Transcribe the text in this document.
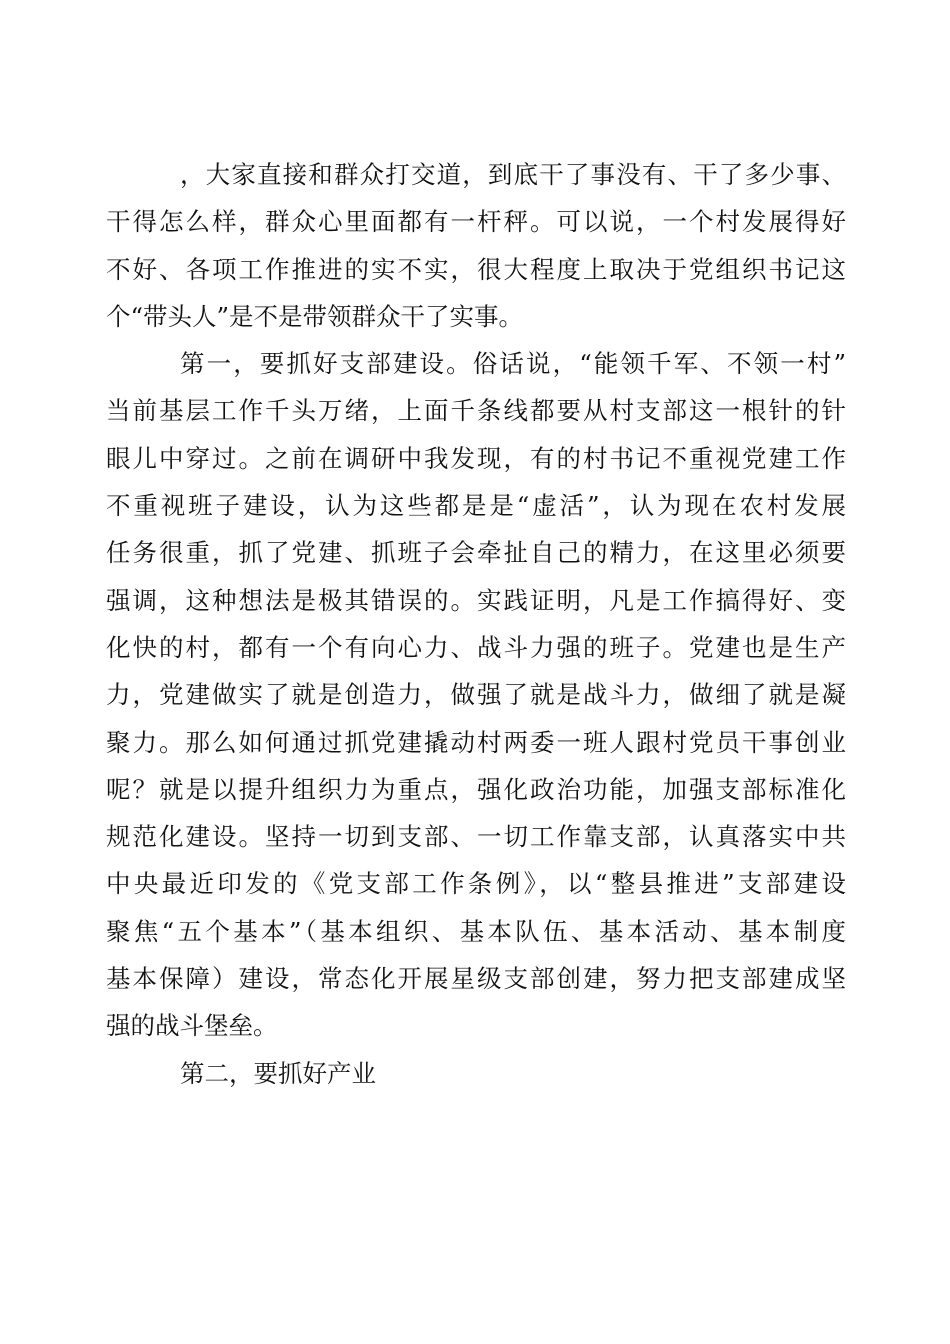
，大家直接和群众打交道，到底干了事没有、干了多少事、
干得怎么样，群众心里面都有一杆秤。可以说，一个村发展得好
不好、各项工作推进的实不实，很大程度上取决于党组织书记这
个“带头人”是不是带领群众干了实事。
第一，要抓好支部建设。俗话说，“能领千军、不领一村”
当前基层工作千头万绪，上面千条线都要从村支部这一根针的针
眼儿中穿过。之前在调研中我发现，有的村书记不重视党建工作
不重视班子建设，认为这些都是是“虚活”，认为现在农村发展
任务很重，抓了党建、抓班子会牵扯自己的精力，在这里必须要
强调，这种想法是极其错误的。实践证明，凡是工作搞得好、变
化快的村，都有一个有向心力、战斗力强的班子。党建也是生产
力，党建做实了就是创造力，做强了就是战斗力，做细了就是凝
聚力。那么如何通过抓党建撬动村两委一班人跟村党员干事创业
呢？就是以提升组织力为重点，强化政治功能，加强支部标准化
规范化建设。坚持一切到支部、一切工作靠支部，认真落实中共
中央最近印发的《党支部工作条例》，以“整县推进”支部建设
聚焦“五个基本”（基本组织、基本队伍、基本活动、基本制度
基本保障）建设，常态化开展星级支部创建，努力把支部建成坚
强的战斗堡垒。
第二，要抓好产业
